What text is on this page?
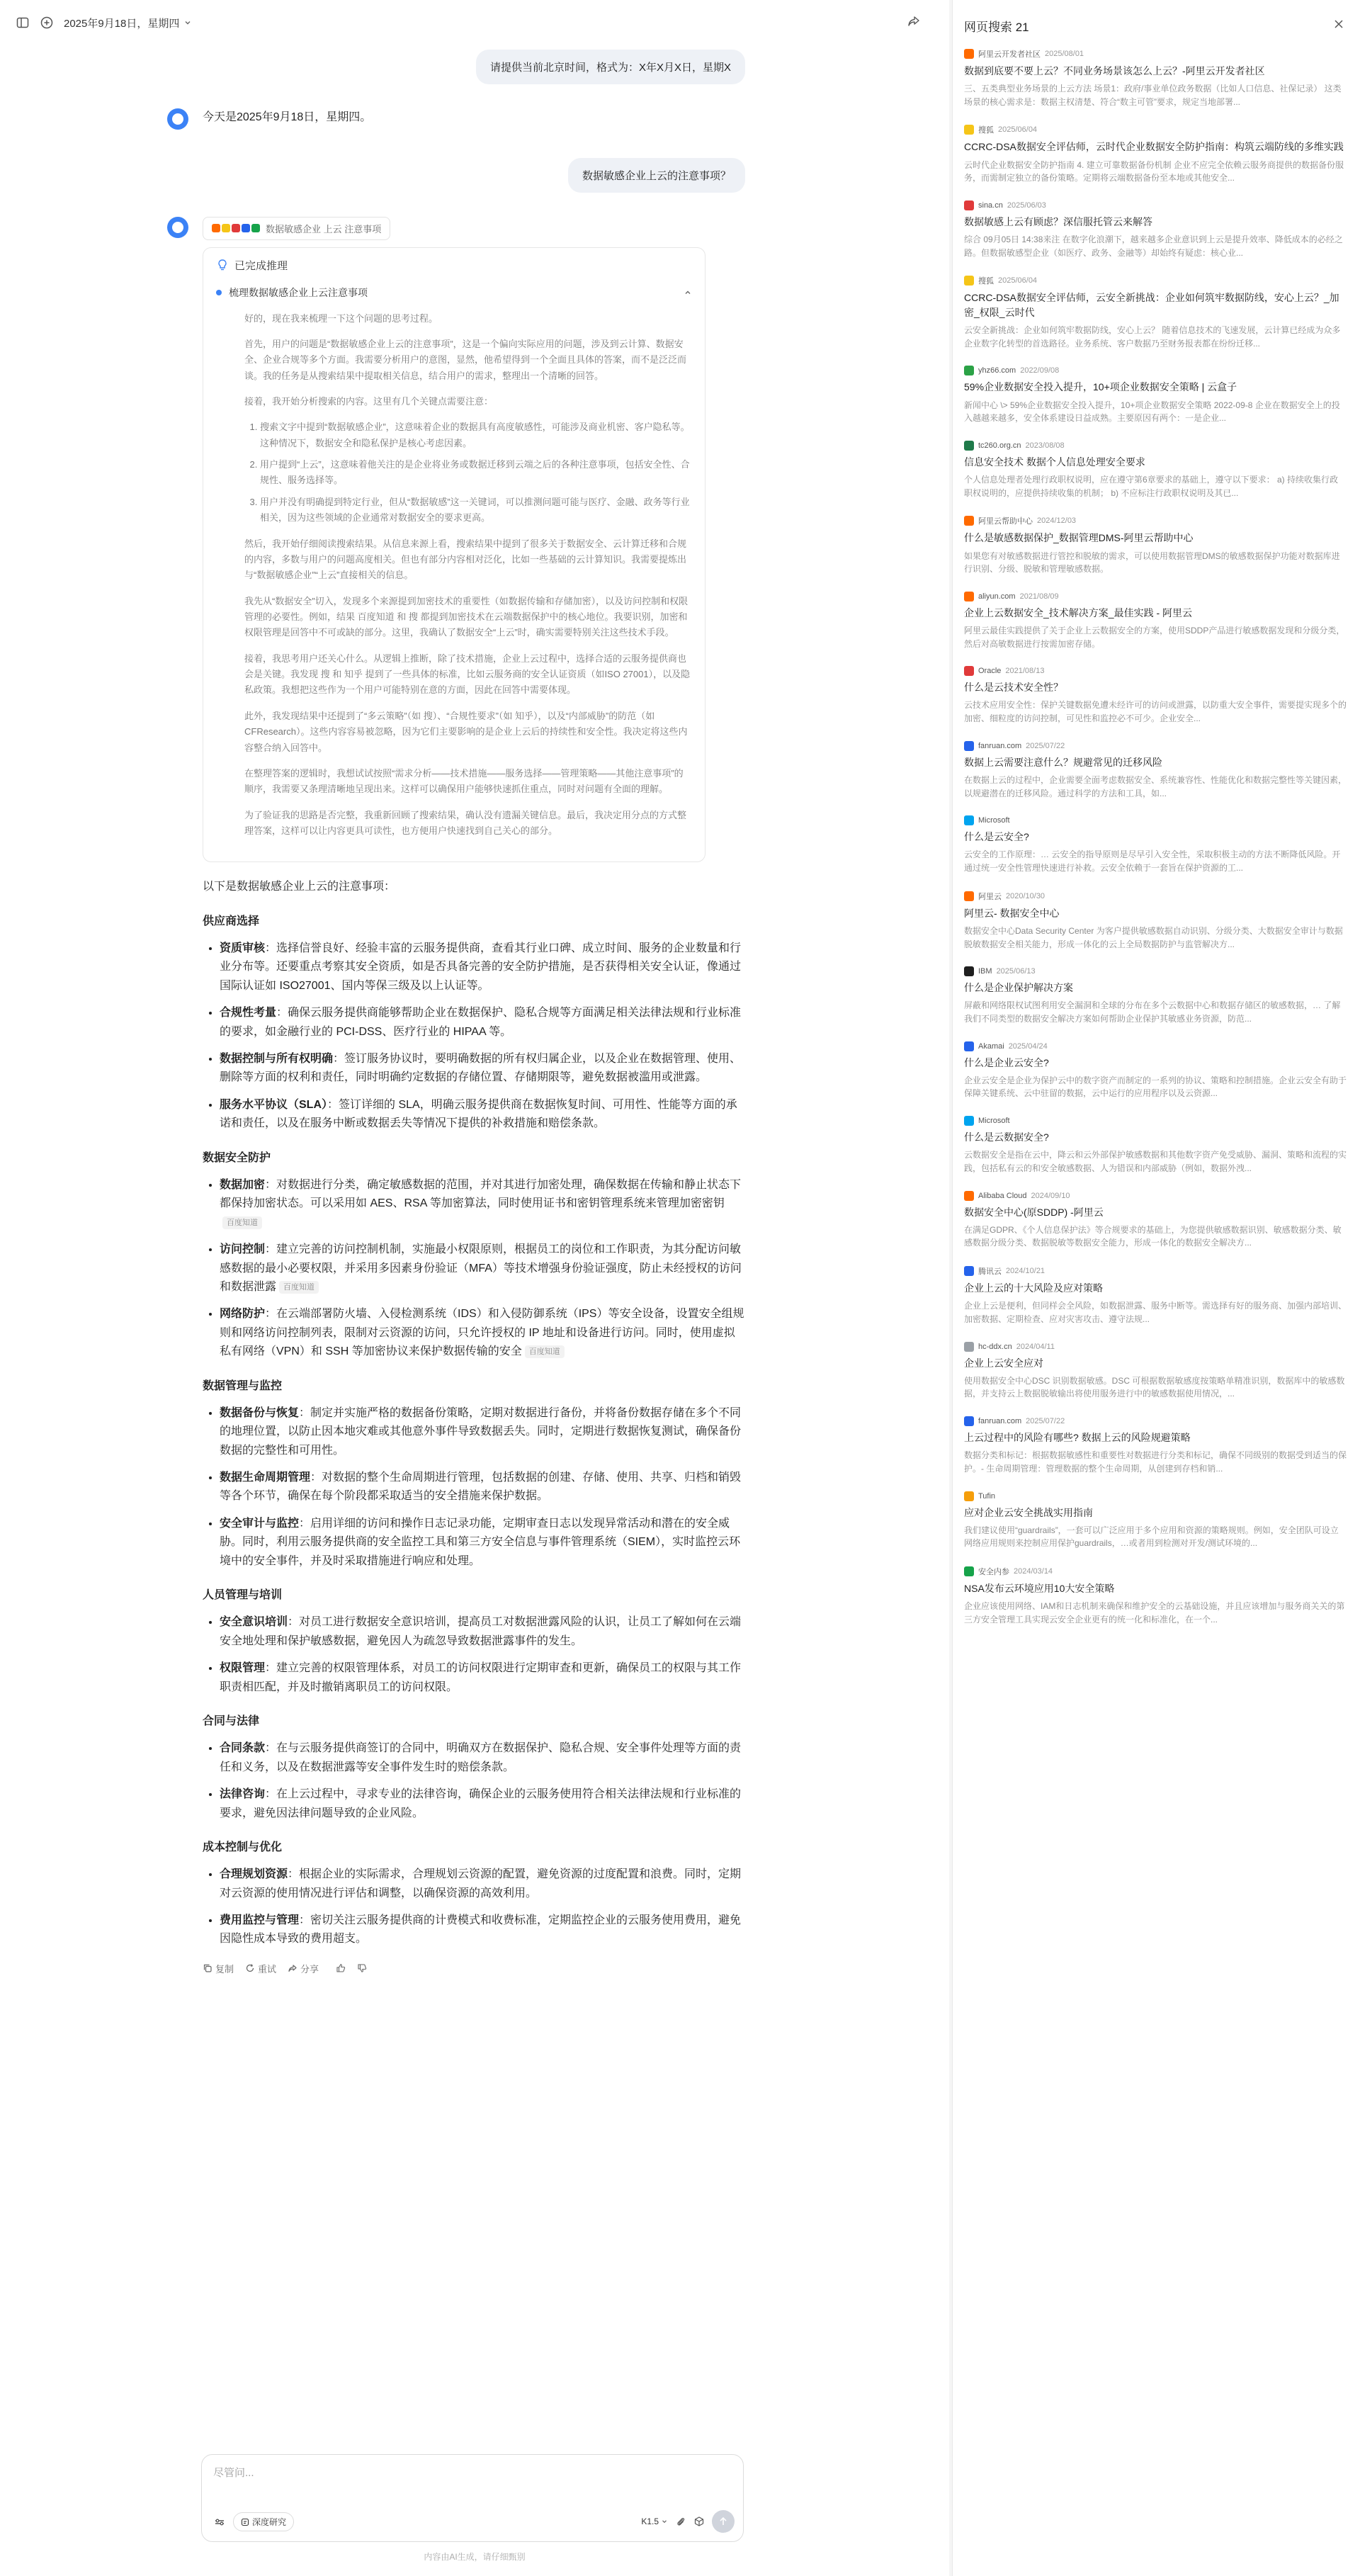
2025年9月18日，星期四
请提供当前北京时间，格式为：X年X月X日，星期X
今天是2025年9月18日，星期四。
数据敏感企业上云的注意事项？
数据敏感企业 上云 注意事项
已完成推理
梳理数据敏感企业上云注意事项

好的，现在我来梳理一下这个问题的思考过程。

首先，用户的问题是“数据敏感企业上云的注意事项”，这是一个偏向实际应用的问题，涉及到云计算、数据安全、企业合规等多个方面。我需要分析用户的意图，显然，他希望得到一个全面且具体的答案，而不是泛泛而谈。我的任务是从搜索结果中提取相关信息，结合用户的需求，整理出一个清晰的回答。

接着，我开始分析搜索的内容。这里有几个关键点需要注意：

1. 搜索文字中提到“数据敏感企业”，这意味着企业的数据具有高度敏感性，可能涉及商业机密、客户隐私等。这种情况下，数据安全和隐私保护是核心考虑因素。
2. 用户提到“上云”，这意味着他关注的是企业将业务或数据迁移到云端之后的各种注意事项，包括安全性、合规性、服务选择等。
3. 用户并没有明确提到特定行业，但从“数据敏感”这一关键词，可以推测问题可能与医疗、金融、政务等行业相关，因为这些领域的企业通常对数据安全的要求更高。

然后，我开始仔细阅读搜索结果。从信息来源上看，搜索结果中提到了很多关于数据安全、云计算迁移和合规的内容，多数与用户的问题高度相关。但也有部分内容相对泛化，比如一些基础的云计算知识。我需要提炼出与“数据敏感企业”“上云”直接相关的信息。

我先从“数据安全”切入，发现多个来源提到加密技术的重要性（如数据传输和存储加密），以及访问控制和权限管理的必要性。例如，结果 百度知道 和 搜 都提到加密技术在云端数据保护中的核心地位。我要识别，加密和权限管理是回答中不可或缺的部分。这里，我确认了数据安全“上云”时，确实需要特别关注这些技术手段。

接着，我思考用户还关心什么。从逻辑上推断，除了技术措施，企业上云过程中，选择合适的云服务提供商也会是关键。我发现 搜 和 知乎 提到了一些具体的标准，比如云服务商的安全认证资质（如ISO 27001），以及隐私政策。我想把这些作为一个用户可能特别在意的方面，因此在回答中需要体现。

此外，我发现结果中还提到了“多云策略”（如 搜）、“合规性要求”（如 知乎），以及“内部威胁”的防范（如 CFResearch）。这些内容容易被忽略，因为它们主要影响的是企业上云后的持续性和安全性。我决定将这些内容整合纳入回答中。

在整理答案的逻辑时，我想试试按照“需求分析——技术措施——服务选择——管理策略——其他注意事项”的顺序，我需要又条理清晰地呈现出来。这样可以确保用户能够快速抓住重点，同时对问题有全面的理解。

为了验证我的思路是否完整，我重新回顾了搜索结果，确认没有遗漏关键信息。最后，我决定用分点的方式整理答案，这样可以让内容更具可读性，也方便用户快速找到自己关心的部分。

以下是数据敏感企业上云的注意事项：
供应商选择
• 资质审核：选择信誉良好、经验丰富的云服务提供商，查看其行业口碑、成立时间、服务的企业数量和行业分布等。还要重点考察其安全资质，如是否具备完善的安全防护措施，是否获得相关安全认证，像通过国际认证如 ISO27001、国内等保三级及以上认证等。
• 合规性考量：确保云服务提供商能够帮助企业在数据保护、隐私合规等方面满足相关法律法规和行业标准的要求，如金融行业的 PCI-DSS、医疗行业的 HIPAA 等。
• 数据控制与所有权明确：签订服务协议时，要明确数据的所有权归属企业，以及企业在数据管理、使用、删除等方面的权利和责任，同时明确约定数据的存储位置、存储期限等，避免数据被滥用或泄露。
• 服务水平协议（SLA）：签订详细的 SLA，明确云服务提供商在数据恢复时间、可用性、性能等方面的承诺和责任，以及在服务中断或数据丢失等情况下提供的补救措施和赔偿条款。
数据安全防护
• 数据加密：对数据进行分类，确定敏感数据的范围，并对其进行加密处理，确保数据在传输和静止状态下都保持加密状态。可以采用如 AES、RSA 等加密算法，同时使用证书和密钥管理系统来管理加密密钥百度知道
• 访问控制：建立完善的访问控制机制，实施最小权限原则，根据员工的岗位和工作职责，为其分配访问敏感数据的最小必要权限，并采用多因素身份验证（MFA）等技术增强身份验证强度，防止未经授权的访问和数据泄露 百度知道
• 网络防护：在云端部署防火墙、入侵检测系统（IDS）和入侵防御系统（IPS）等安全设备，设置安全组规则和网络访问控制列表，限制对云资源的访问，只允许授权的 IP 地址和设备进行访问。同时，使用虚拟私有网络（VPN）和 SSH 等加密协议来保护数据传输的安全 百度知道
数据管理与监控
• 数据备份与恢复：制定并实施严格的数据备份策略，定期对数据进行备份，并将备份数据存储在多个不同的地理位置，以防止因本地灾难或其他意外事件导致数据丢失。同时，定期进行数据恢复测试，确保备份数据的完整性和可用性。
• 数据生命周期管理：对数据的整个生命周期进行管理，包括数据的创建、存储、使用、共享、归档和销毁等各个环节，确保在每个阶段都采取适当的安全措施来保护数据。
• 安全审计与监控：启用详细的访问和操作日志记录功能，定期审查日志以发现异常活动和潜在的安全威胁。同时，利用云服务提供商的安全监控工具和第三方安全信息与事件管理系统（SIEM），实时监控云环境中的安全事件，并及时采取措施进行响应和处理。
人员管理与培训
• 安全意识培训：对员工进行数据安全意识培训，提高员工对数据泄露风险的认识，让员工了解如何在云端安全地处理和保护敏感数据，避免因人为疏忽导致数据泄露事件的发生。
• 权限管理：建立完善的权限管理体系，对员工的访问权限进行定期审查和更新，确保员工的权限与其工作职责相匹配，并及时撤销离职员工的访问权限。
合同与法律
• 合同条款：在与云服务提供商签订的合同中，明确双方在数据保护、隐私合规、安全事件处理等方面的责任和义务，以及在数据泄露等安全事件发生时的赔偿条款。
• 法律咨询：在上云过程中，寻求专业的法律咨询，确保企业的云服务使用符合相关法律法规和行业标准的要求，避免因法律问题导致的企业风险。
成本控制与优化
• 合理规划资源：根据企业的实际需求，合理规划云资源的配置，避免资源的过度配置和浪费。同时，定期对云资源的使用情况进行评估和调整，以确保资源的高效利用。
• 费用监控与管理：密切关注云服务提供商的计费模式和收费标准，定期监控企业的云服务使用费用，避免因隐性成本导致的费用超支。
复制	重试	分享
尽管问...
深度研究	K1.5
内容由AI生成，请仔细甄别
网页搜索 21
阿里云开发者社区 2025/08/01
数据到底要不要上云？不同业务场景该怎么上云？-阿里云开发者社区
三、五类典型业务场景的上云方法 场景1：政府/事业单位政务数据（比如人口信息、社保记录） 这类场景的核心需求是：数据主权清楚、符合“数主可管”要求，规定当地部署...
搜狐 2025/06/04
CCRC-DSA数据安全评估师，云时代企业数据安全防护指南：构筑云端防线的多维实践
云时代企业数据安全防护指南 4. 建立可靠数据备份机制 企业不应完全依赖云服务商提供的数据备份服务，而需制定独立的备份策略。定期将云端数据备份至本地或其他安全...
sina.cn 2025/06/03
数据敏感上云有顾虑？深信服托管云来解答
综合 09月05日 14:38来注 在数字化浪潮下，越来越多企业意识到上云是提升效率、降低成本的必经之路。但数据敏感型企业（如医疗、政务、金融等）却始终有疑虑：核心业...
搜狐 2025/06/04
CCRC-DSA数据安全评估师，云安全新挑战：企业如何筑牢数据防线，安心上云？_加密_权限_云时代
云安全新挑战：企业如何筑牢数据防线，安心上云？ 随着信息技术的飞速发展，云计算已经成为众多企业数字化转型的首选路径。业务系统、客户数据乃至财务报表都在纷纷迁移...
yhz66.com 2022/09/08
59%企业数据安全投入提升，10+项企业数据安全策略 | 云盒子
新闻中心 \> 59%企业数据安全投入提升，10+项企业数据安全策略 2022-09-8 企业在数据安全上的投入越越来越多，安全体系建设日益成熟。主要原因有两个：一是企业...
tc260.org.cn 2023/08/08
信息安全技术 数据个人信息处理安全要求
个人信息处理者处理行政职权说明，应在遵守第6章要求的基础上，遵守以下要求： a) 持续收集行政职权说明的，应提供持续收集的机制； b) 不应标注行政职权说明及其已...
阿里云帮助中心 2024/12/03
什么是敏感数据保护_数据管理DMS-阿里云帮助中心
如果您有对敏感数据进行管控和脱敏的需求，可以使用数据管理DMS的敏感数据保护功能对数据库进行识别、分级、脱敏和管理敏感数据。
aliyun.com 2021/08/09
企业上云数据安全_技术解决方案_最佳实践 - 阿里云
阿里云最佳实践提供了关于企业上云数据安全的方案，使用SDDP产品进行敏感数据发现和分级分类，然后对高敏数据进行按需加密存储。
Oracle 2021/08/13
什么是云技术安全性？
云技术应用安全性：保护关键数据免遭未经许可的访问或泄露，以防重大安全事件，需要提实现多个的加密、细粒度的访问控制，可见性和监控必不可少。企业安全...
fanruan.com 2025/07/22
数据上云需要注意什么？规避常见的迁移风险
在数据上云的过程中，企业需要全面考虑数据安全、系统兼容性、性能优化和数据完整性等关键因素，以规避潜在的迁移风险。通过科学的方法和工具，如...
Microsoft
什么是云安全?
云安全的工作原理：… 云安全的指导原则是尽早引入安全性，采取积极主动的方法不断降低风险。开通过统一安全性管理快速进行补救。云安全依赖于一套旨在保护资源的工...
阿里云 2020/10/30
阿里云- 数据安全中心
数据安全中心Data Security Center 为客户提供敏感数据自动识别、分级分类、大数据安全审计与数据脱敏数据安全相关能力，形成一体化的云上全局数据防护与监管解决方...
IBM 2025/06/13
什么是企业保护解决方案
屏蔽和网络限权试图利用安全漏洞和全球的分布在多个云数据中心和数据存储区的敏感数据，… 了解我们不同类型的数据安全解决方案如何帮助企业保护其敏感业务资源，防范...
Akamai 2025/04/24
什么是企业云安全?
企业云安全是企业为保护云中的数字资产而制定的一系列的协议、策略和控制措施。企业云安全有助于保障关键系统、云中驻留的数据，云中运行的应用程序以及云资源...
Microsoft
什么是云数据安全?
云数据安全是指在云中，降云和云外部保护敏感数据和其他数字资产免受威胁、漏洞、策略和流程的实践，包括私有云的和安全敏感数据、人为错误和内部威胁（例如，数据外洩...
Alibaba Cloud 2024/09/10
数据安全中心(原SDDP) -阿里云
在满足GDPR、《个人信息保护法》等合规要求的基础上，为您提供敏感数据识别、敏感数据分类、敏感数据分级分类、数据脱敏等数据安全能力，形成一体化的数据安全解决方...
腾讯云 2024/10/21
企业上云的十大风险及应对策略
企业上云是便利，但同样会全风险，如数据泄露、服务中断等。需选择有好的服务商、加强内部培训、加密数据、定期检查、应对灾害攻击、遵守法规...
hc-ddx.cn 2024/04/11
企业上云安全应对
使用数据安全中心DSC 识别数据敏感。DSC 可根据数据敏感度按策略单精准识别，数据库中的敏感数据，并支持云上数据脱敏输出将使用服务进行中的敏感数据使用情况，...
fanruan.com 2025/07/22
上云过程中的风险有哪些? 数据上云的风险规避策略
数据分类和标记：根据数据敏感性和重要性对数据进行分类和标记，确保不同级别的数据受到适当的保护。- 生命周期管理：管理数据的整个生命周期，从创建到存档和销...
Tufin
应对企业云安全挑战实用指南
我们建议使用“guardrails”，一套可以广泛应用于多个应用和资源的策略规则。例如，安全团队可设立网络应用规则来控制应用保护guardrails，…或者用到检测对开发/测试环境的...
安全内参 2024/03/14
NSA发布云环境应用10大安全策略
企业应该使用网络、IAM和日志机制来确保和维护安全的云基础设施，并且应该增加与服务商关关的第三方安全管理工具实现云安全企业更有的统一化和标准化，在一个...
